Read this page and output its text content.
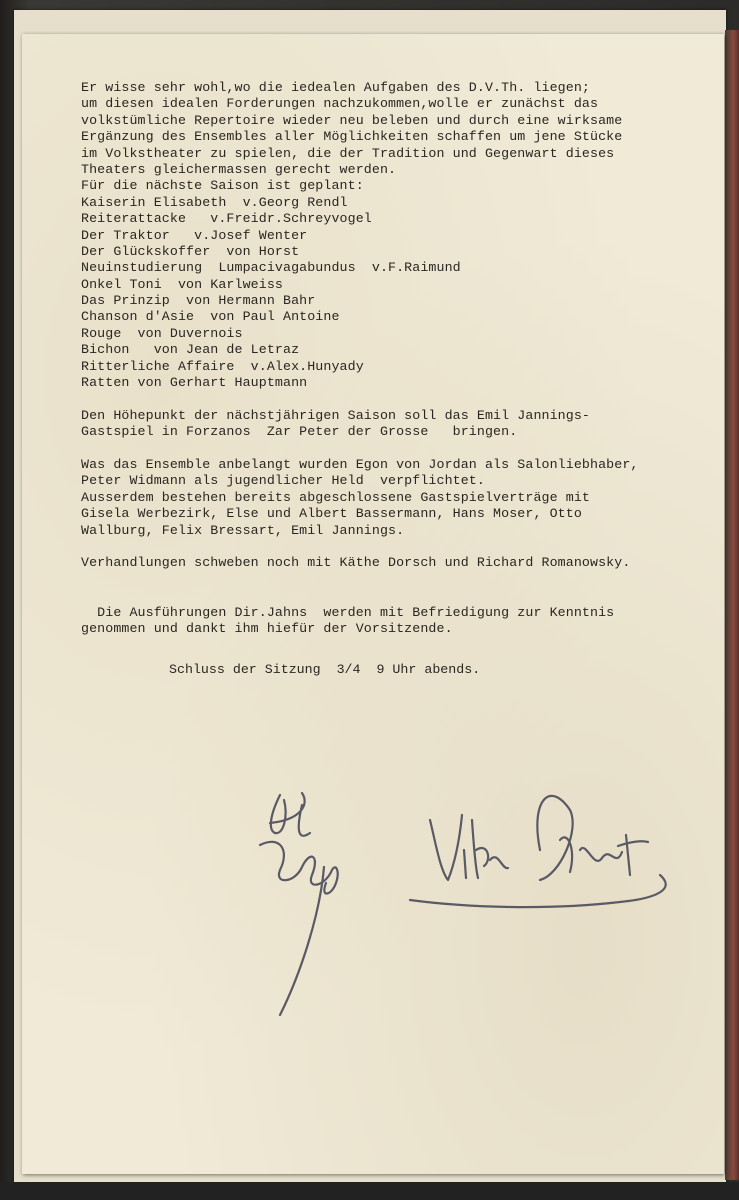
Er wisse sehr wohl,wo die iedealen Aufgaben des D.V.Th. liegen;
um diesen idealen Forderungen nachzukommen,wolle er zunächst das
volkstümliche Repertoire wieder neu beleben und durch eine wirksame
Ergänzung des Ensembles aller Möglichkeiten schaffen um jene Stücke
im Volkstheater zu spielen, die der Tradition und Gegenwart dieses
Theaters gleichermassen gerecht werden.
Für die nächste Saison ist geplant:
Kaiserin Elisabeth  v.Georg Rendl
Reiterattacke   v.Freidr.Schreyvogel
Der Traktor   v.Josef Wenter
Der Glückskoffer  von Horst
Neuinstudierung  Lumpacivagabundus  v.F.Raimund
Onkel Toni  von Karlweiss
Das Prinzip  von Hermann Bahr
Chanson d'Asie  von Paul Antoine
Rouge  von Duvernois
Bichon   von Jean de Letraz
Ritterliche Affaire  v.Alex.Hunyady
Ratten von Gerhart Hauptmann
Den Höhepunkt der nächstjährigen Saison soll das Emil Jannings-
Gastspiel in Forzanos  Zar Peter der Grosse   bringen.
Was das Ensemble anbelangt wurden Egon von Jordan als Salonliebhaber,
Peter Widmann als jugendlicher Held  verpflichtet.
Ausserdem bestehen bereits abgeschlossene Gastspielverträge mit
Gisela Werbezirk, Else und Albert Bassermann, Hans Moser, Otto
Wallburg, Felix Bressart, Emil Jannings.
Verhandlungen schweben noch mit Käthe Dorsch und Richard Romanowsky.
Die Ausführungen Dir.Jahns  werden mit Befriedigung zur Kenntnis
genommen und dankt ihm hiefür der Vorsitzende.
Schluss der Sitzung  3/4  9 Uhr abends.
